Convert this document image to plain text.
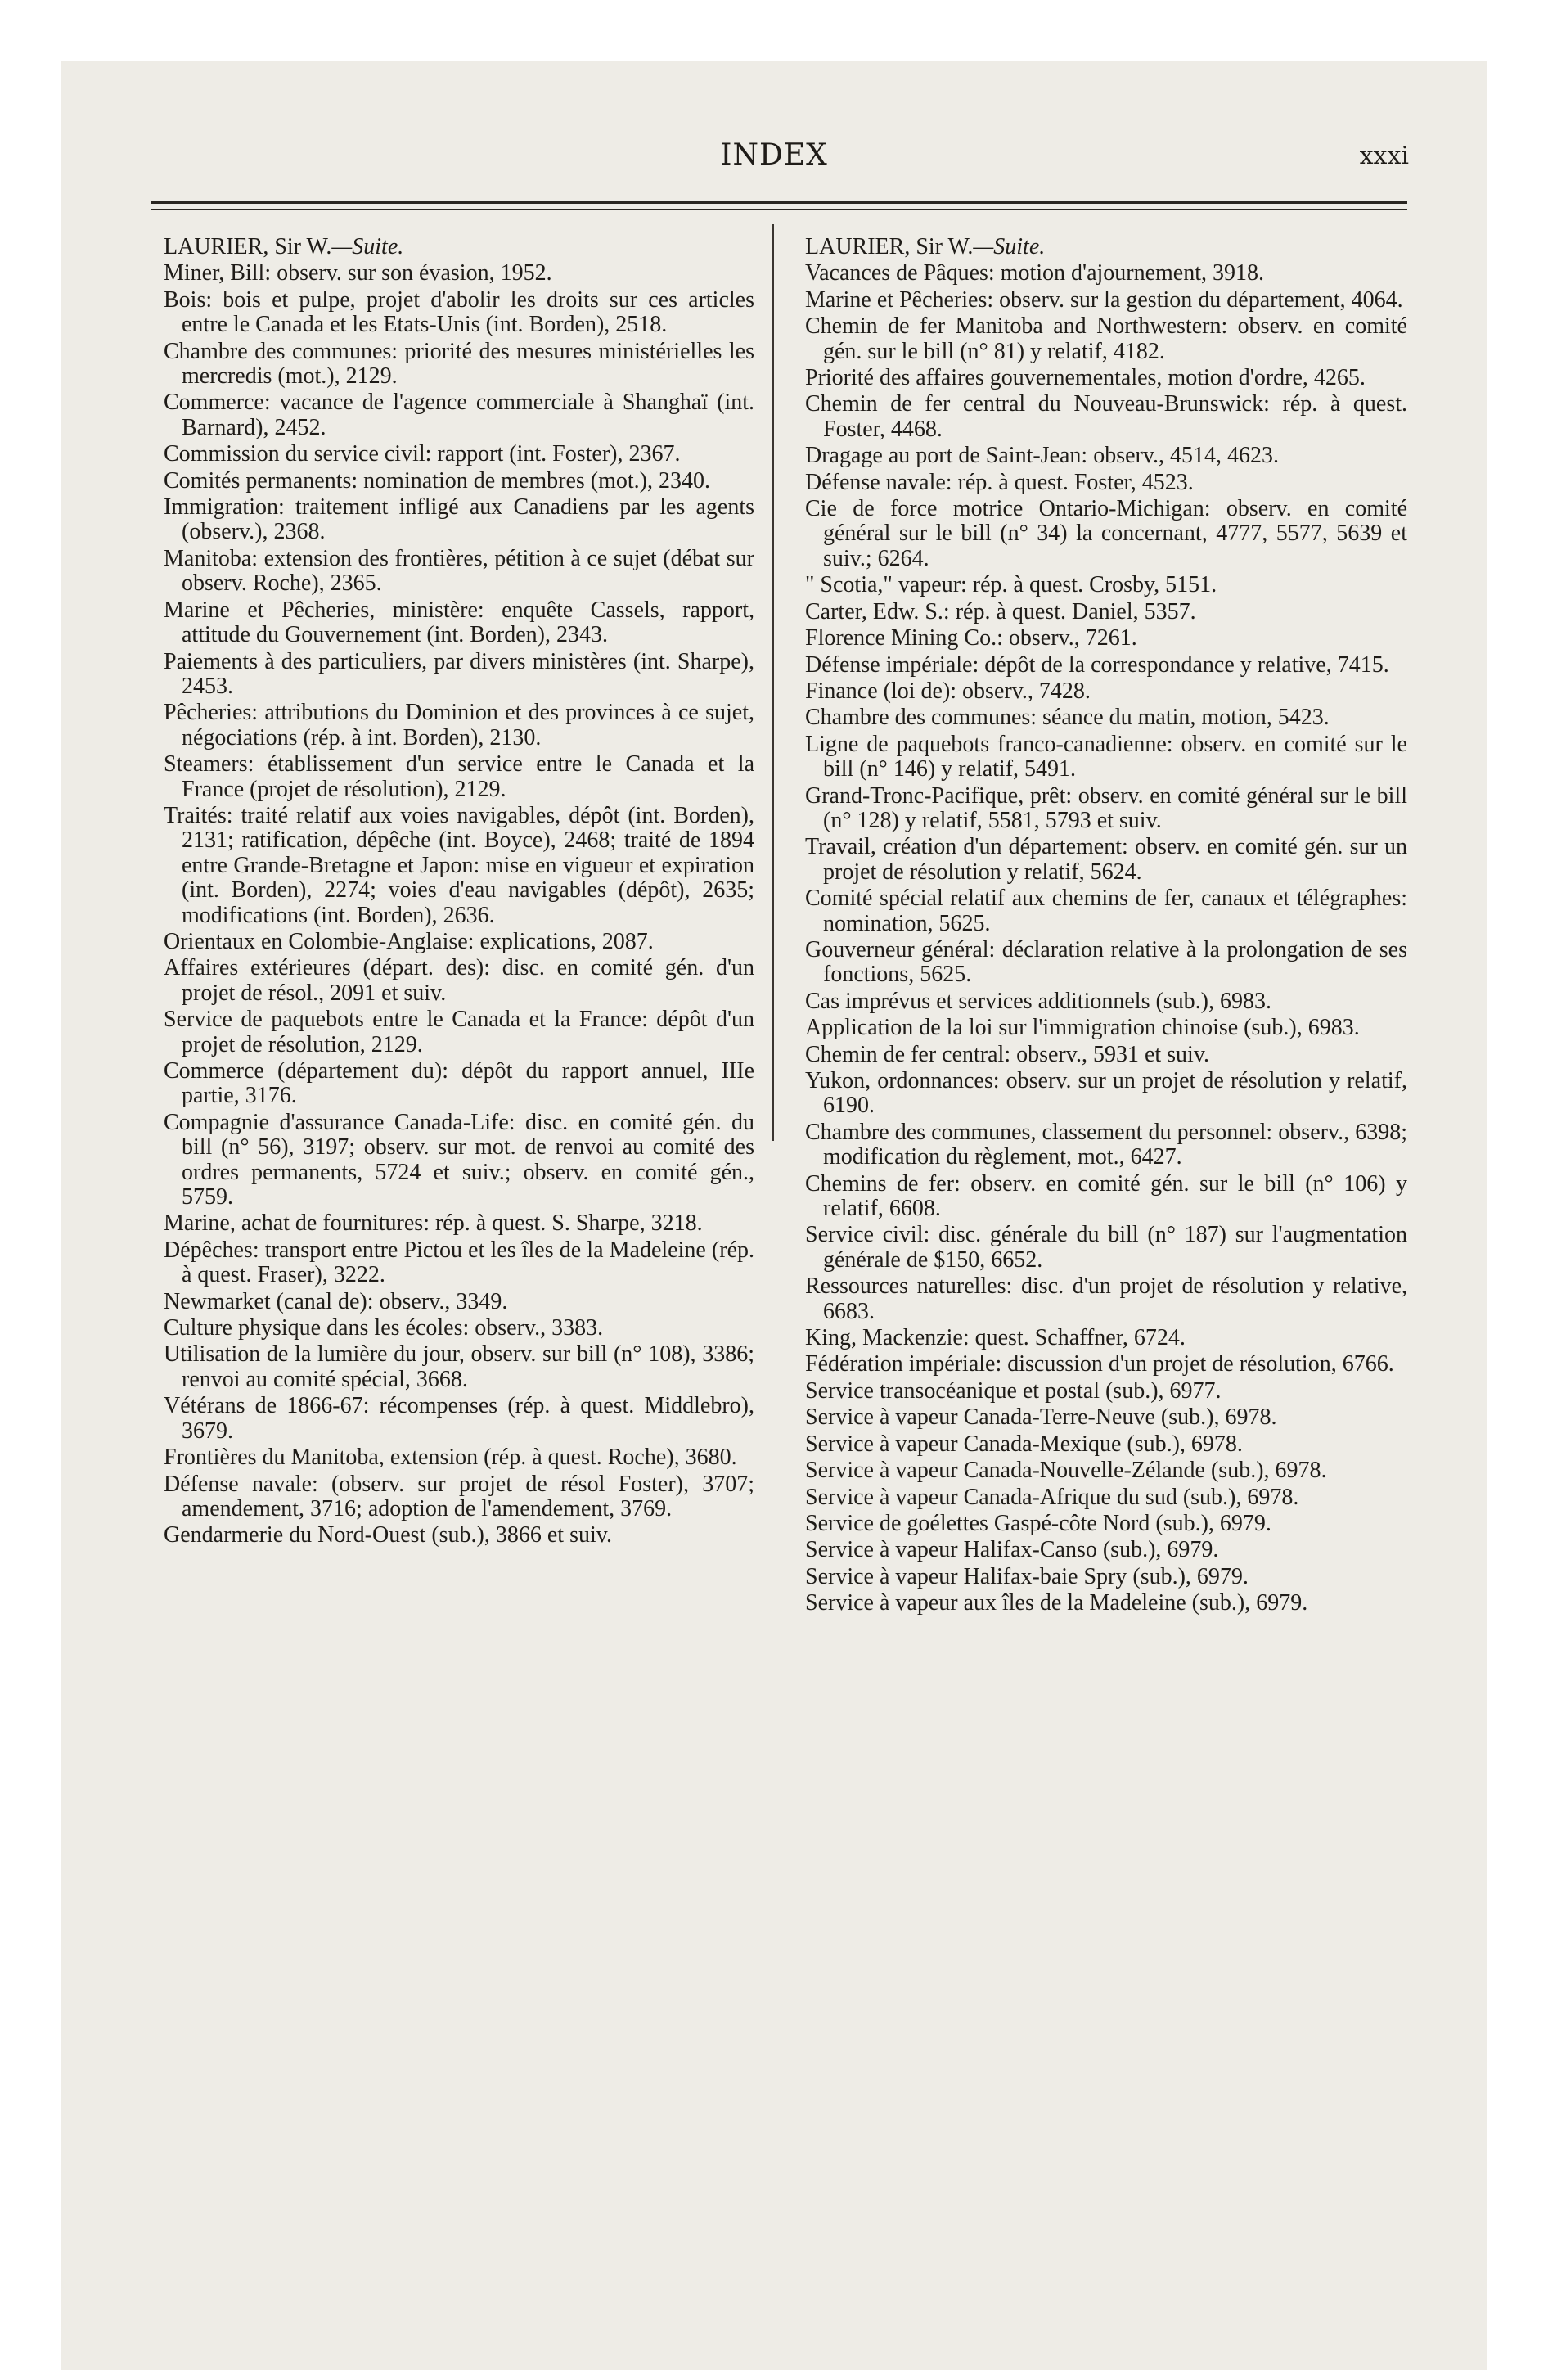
INDEX	xxxi
LAURIER, Sir W.—Suite.
Miner, Bill: observ. sur son évasion, 1952.
Bois: bois et pulpe, projet d'abolir les droits sur ces articles entre le Canada et les Etats-Unis (int. Borden), 2518.
Chambre des communes: priorité des mesures ministérielles les mercredis (mot.), 2129.
Commerce: vacance de l'agence commerciale à Shanghaï (int. Barnard), 2452.
Commission du service civil: rapport (int. Foster), 2367.
Comités permanents: nomination de membres (mot.), 2340.
Immigration: traitement infligé aux Canadiens par les agents (observ.), 2368.
Manitoba: extension des frontières, pétition à ce sujet (débat sur observ. Roche), 2365.
Marine et Pêcheries, ministère: enquête Cassels, rapport, attitude du Gouvernement (int. Borden), 2343.
Paiements à des particuliers, par divers ministères (int. Sharpe), 2453.
Pêcheries: attributions du Dominion et des provinces à ce sujet, négociations (rép. à int. Borden), 2130.
Steamers: établissement d'un service entre le Canada et la France (projet de résolution), 2129.
Traités: traité relatif aux voies navigables, dépôt (int. Borden), 2131; ratification, dépêche (int. Boyce), 2468; traité de 1894 entre Grande-Bretagne et Japon: mise en vigueur et expiration (int. Borden), 2274; voies d'eau navigables (dépôt), 2635; modifications (int. Borden), 2636.
Orientaux en Colombie-Anglaise: explications, 2087.
Affaires extérieures (départ. des): disc. en comité gén. d'un projet de résol., 2091 et suiv.
Service de paquebots entre le Canada et la France: dépôt d'un projet de résolution, 2129.
Commerce (département du): dépôt du rapport annuel, IIIe partie, 3176.
Compagnie d'assurance Canada-Life: disc. en comité gén. du bill (n° 56), 3197; observ. sur mot. de renvoi au comité des ordres permanents, 5724 et suiv.; observ. en comité gén., 5759.
Marine, achat de fournitures: rép. à quest. S. Sharpe, 3218.
Dépêches: transport entre Pictou et les îles de la Madeleine (rép. à quest. Fraser), 3222.
Newmarket (canal de): observ., 3349.
Culture physique dans les écoles: observ., 3383.
Utilisation de la lumière du jour, observ. sur bill (n° 108), 3386; renvoi au comité spécial, 3668.
Vétérans de 1866-67: récompenses (rép. à quest. Middlebro), 3679.
Frontières du Manitoba, extension (rép. à quest. Roche), 3680.
Défense navale: (observ. sur projet de résol Foster), 3707; amendement, 3716; adoption de l'amendement, 3769.
Gendarmerie du Nord-Ouest (sub.), 3866 et suiv.
LAURIER, Sir W.—Suite.
Vacances de Pâques: motion d'ajournement, 3918.
Marine et Pêcheries: observ. sur la gestion du département, 4064.
Chemin de fer Manitoba and Northwestern: observ. en comité gén. sur le bill (n° 81) y relatif, 4182.
Priorité des affaires gouvernementales, motion d'ordre, 4265.
Chemin de fer central du Nouveau-Brunswick: rép. à quest. Foster, 4468.
Dragage au port de Saint-Jean: observ., 4514, 4623.
Défense navale: rép. à quest. Foster, 4523.
Cie de force motrice Ontario-Michigan: observ. en comité général sur le bill (n° 34) la concernant, 4777, 5577, 5639 et suiv.; 6264.
" Scotia," vapeur: rép. à quest. Crosby, 5151.
Carter, Edw. S.: rép. à quest. Daniel, 5357.
Florence Mining Co.: observ., 7261.
Défense impériale: dépôt de la correspondance y relative, 7415.
Finance (loi de): observ., 7428.
Chambre des communes: séance du matin, motion, 5423.
Ligne de paquebots franco-canadienne: observ. en comité sur le bill (n° 146) y relatif, 5491.
Grand-Tronc-Pacifique, prêt: observ. en comité général sur le bill (n° 128) y relatif, 5581, 5793 et suiv.
Travail, création d'un département: observ. en comité gén. sur un projet de résolution y relatif, 5624.
Comité spécial relatif aux chemins de fer, canaux et télégraphes: nomination, 5625.
Gouverneur général: déclaration relative à la prolongation de ses fonctions, 5625.
Cas imprévus et services additionnels (sub.), 6983.
Application de la loi sur l'immigration chinoise (sub.), 6983.
Chemin de fer central: observ., 5931 et suiv.
Yukon, ordonnances: observ. sur un projet de résolution y relatif, 6190.
Chambre des communes, classement du personnel: observ., 6398; modification du règlement, mot., 6427.
Chemins de fer: observ. en comité gén. sur le bill (n° 106) y relatif, 6608.
Service civil: disc. générale du bill (n° 187) sur l'augmentation générale de $150, 6652.
Ressources naturelles: disc. d'un projet de résolution y relative, 6683.
King, Mackenzie: quest. Schaffner, 6724.
Fédération impériale: discussion d'un projet de résolution, 6766.
Service transocéanique et postal (sub.), 6977.
Service à vapeur Canada-Terre-Neuve (sub.), 6978.
Service à vapeur Canada-Mexique (sub.), 6978.
Service à vapeur Canada-Nouvelle-Zélande (sub.), 6978.
Service à vapeur Canada-Afrique du sud (sub.), 6978.
Service de goélettes Gaspé-côte Nord (sub.), 6979.
Service à vapeur Halifax-Canso (sub.), 6979.
Service à vapeur Halifax-baie Spry (sub.), 6979.
Service à vapeur aux îles de la Madeleine (sub.), 6979.
